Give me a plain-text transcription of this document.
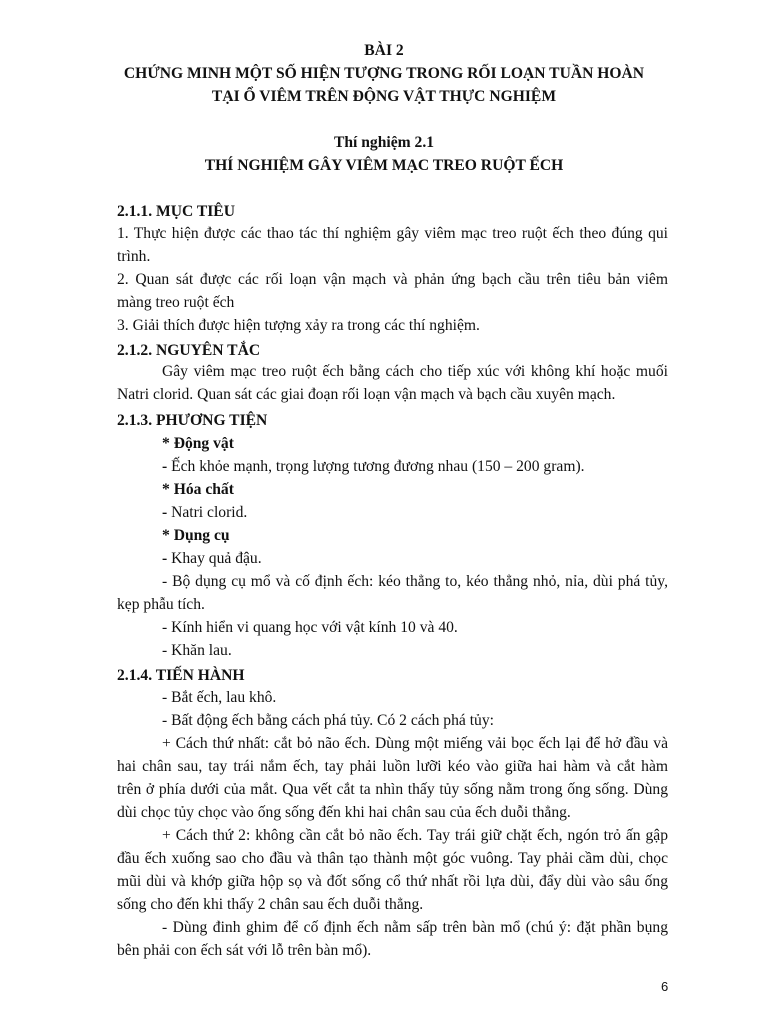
BÀI 2
CHỨNG MINH MỘT SỐ HIỆN TƯỢNG TRONG RỐI LOẠN TUẦN HOÀN
TẠI Ổ VIÊM TRÊN ĐỘNG VẬT THỰC NGHIỆM
Thí nghiệm 2.1
THÍ NGHIỆM GÂY VIÊM MẠC TREO RUỘT ẾCH
2.1.1. MỤC TIÊU
1. Thực hiện được các thao tác thí nghiệm gây viêm mạc treo ruột ếch theo đúng qui
trình.
2. Quan sát được các rối loạn vận mạch và phản ứng bạch cầu trên tiêu bản viêm
màng treo ruột ếch
3. Giải thích được hiện tượng xảy ra trong các thí nghiệm.
2.1.2. NGUYÊN TẮC
Gây viêm mạc treo ruột ếch bằng cách cho tiếp xúc với không khí hoặc muối
Natri clorid. Quan sát các giai đoạn rối loạn vận mạch và bạch cầu xuyên mạch.
2.1.3. PHƯƠNG TIỆN
* Động vật
- Ếch khỏe mạnh, trọng lượng tương đương nhau (150 – 200 gram).
* Hóa chất
- Natri clorid.
* Dụng cụ
- Khay quả đậu.
- Bộ dụng cụ mổ và cố định ếch: kéo thẳng to, kéo thẳng nhỏ, nỉa, dùi phá tủy,
kẹp phẫu tích.
- Kính hiển vi quang học với vật kính 10 và 40.
- Khăn lau.
2.1.4. TIẾN HÀNH
- Bắt ếch, lau khô.
- Bất động ếch bằng cách phá tủy. Có 2 cách phá tủy:
+ Cách thứ nhất: cắt bỏ não ếch. Dùng một miếng vải bọc ếch lại để hở đầu và
hai chân sau, tay trái nắm ếch, tay phải luồn lưỡi kéo vào giữa hai hàm và cắt hàm
trên ở phía dưới của mắt. Qua vết cắt ta nhìn thấy tủy sống nằm trong ống sống. Dùng
dùi chọc tủy chọc vào ống sống đến khi hai chân sau của ếch duỗi thẳng.
+ Cách thứ 2: không cần cắt bỏ não ếch. Tay trái giữ chặt ếch, ngón trỏ ấn gập
đầu ếch xuống sao cho đầu và thân tạo thành một góc vuông. Tay phải cầm dùi, chọc
mũi dùi và khớp giữa hộp sọ và đốt sống cổ thứ nhất rồi lựa dùi, đẩy dùi vào sâu ống
sống cho đến khi thấy 2 chân sau ếch duỗi thẳng.
- Dùng đinh ghim để cố định ếch nằm sấp trên bàn mổ (chú ý: đặt phần bụng
bên phải con ếch sát với lỗ trên bàn mổ).
6
